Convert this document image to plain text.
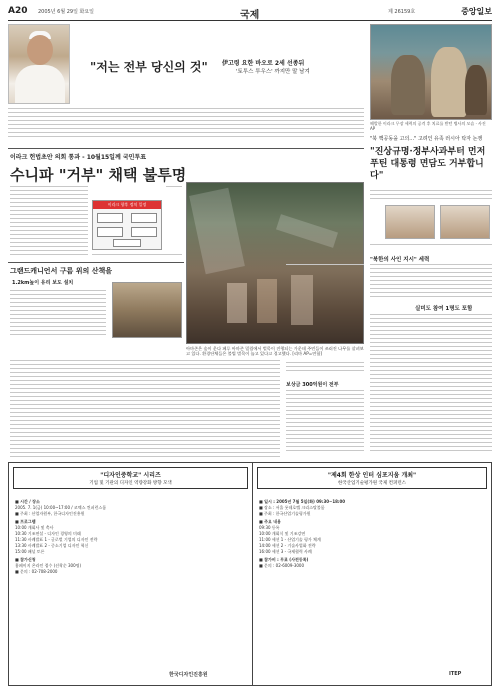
A20 2005년 6월 29일 화요일	국제	제 26159호	중앙일보
"저는 전부 당신의 것" 伊고령 요한 바오로 2세 선종뒤
'토투스 투우스' 까지만 말 남겨
해발한 이라크 무장 세력의 공격 후 치료를 받던 병사의 모습 · 사진 AP
"북 핵공동을 고의..." 고려인 유족 러시아 탁자 논쟁
"진상규명·정부사과부터 먼저 푸틴 대통령 면담도 거부합니다"
이라크 헌법초안 의회 통과 - 10월15일께 국민투표
수니파 "거부" 채택 불투명
이라크 향후 정치 일정
아마존은 숲이 운다 페루 아마존 밀림에서 벌목이 진행되는 가운데 주민들이 쓰러진 나무를 살펴보고 있다. 환경단체들은 불법 벌목이 늘고 있다고 경고했다. [리마 AP=연합]
그랜드캐니언서 구름 위의 산책을
1.2km높이 유리 보도 설치
"북한의 사인 지시" 세력
실미도 참여 1명도 포함
보상금 300억원이 전부
"디자인중학교" 시리즈
기업 및 기관의 디자인 역량강화 방향 모색
■ 시간 / 장소
2005. 7. 1(금) 10:00~17:00 / 코엑스 컨퍼런스룸
■ 주최 : 산업자원부, 한국디자인진흥원
■ 프로그램
10:00 개회사 및 축사
10:30 기조연설 - 디자인 경영의 미래
11:30 사례발표 1 - 글로벌 기업의 디자인 전략
13:30 사례발표 2 - 중소기업 디자인 혁신
15:00 패널 토론
■ 참가신청
홈페이지 온라인 접수 (선착순 300명)
■ 문의 : 02-708-2000
한국디자인진흥원
"제4회 한상 인터 심포지움 개최"
한국산업기술평가원 국제 컨퍼런스
■ 일시 : 2005년 7월 5일(화) 09:30~18:00
■ 장소 : 서울 롯데호텔 크리스탈볼룸
■ 주최 : 한국산업기술평가원
■ 주요 내용
09:30 등록
10:00 개회식 및 기조강연
11:00 세션 1 - 산업기술 평가 체계
14:00 세션 2 - 기술사업화 전략
16:00 세션 3 - 국제협력 사례
■ 참가비 : 무료 (사전등록)
■ 문의 : 02-6009-3000
ITEP
